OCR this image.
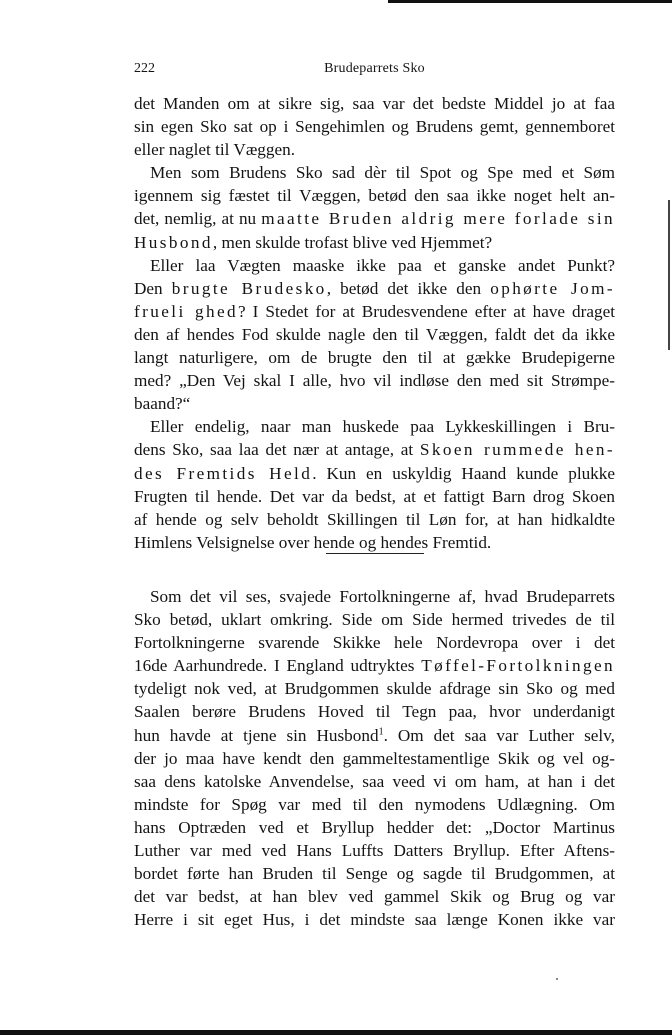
222	Brudeparrets Sko
det Manden om at sikre sig, saa var det bedste Middel jo at faa
sin egen Sko sat op i Sengehimlen og Brudens gemt, gennemboret
eller naglet til Væggen.
Men som Brudens Sko sad dèr til Spot og Spe med et Søm
igennem sig fæstet til Væggen, betød den saa ikke noget helt an-
det, nemlig, at nu maatte Bruden aldrig mere forlade sin
Husbond, men skulde trofast blive ved Hjemmet?
Eller laa Vægten maaske ikke paa et ganske andet Punkt?
Den brugte Brudesko, betød det ikke den ophørte Jom-
frueli ghed? I Stedet for at Brudesvendene efter at have draget
den af hendes Fod skulde nagle den til Væggen, faldt det da ikke
langt naturligere, om de brugte den til at gække Brudepigerne
med? „Den Vej skal I alle, hvo vil indløse den med sit Strømpe-
baand?“
Eller endelig, naar man huskede paa Lykkeskillingen i Bru-
dens Sko, saa laa det nær at antage, at Skoen rummede hen-
des Fremtids Held. Kun en uskyldig Haand kunde plukke
Frugten til hende. Det var da bedst, at et fattigt Barn drog Skoen
af hende og selv beholdt Skillingen til Løn for, at han hidkaldte
Himlens Velsignelse over hende og hendes Fremtid.
Som det vil ses, svajede Fortolkningerne af, hvad Brudeparrets
Sko betød, uklart omkring. Side om Side hermed trivedes de til
Fortolkningerne svarende Skikke hele Nordevropa over i det
16de Aarhundrede. I England udtryktes Tøffel-Fortolkningen
tydeligt nok ved, at Brudgommen skulde afdrage sin Sko og med
Saalen berøre Brudens Hoved til Tegn paa, hvor underdanigt
hun havde at tjene sin Husbond$^1$. Om det saa var Luther selv,
der jo maa have kendt den gammeltestamentlige Skik og vel og-
saa dens katolske Anvendelse, saa veed vi om ham, at han i det
mindste for Spøg var med til den nymodens Udlægning. Om
hans Optræden ved et Bryllup hedder det: „Doctor Martinus
Luther var med ved Hans Luffts Datters Bryllup. Efter Aftens-
bordet førte han Bruden til Senge og sagde til Brudgommen, at
det var bedst, at han blev ved gammel Skik og Brug og var
Herre i sit eget Hus, i det mindste saa længe Konen ikke var
